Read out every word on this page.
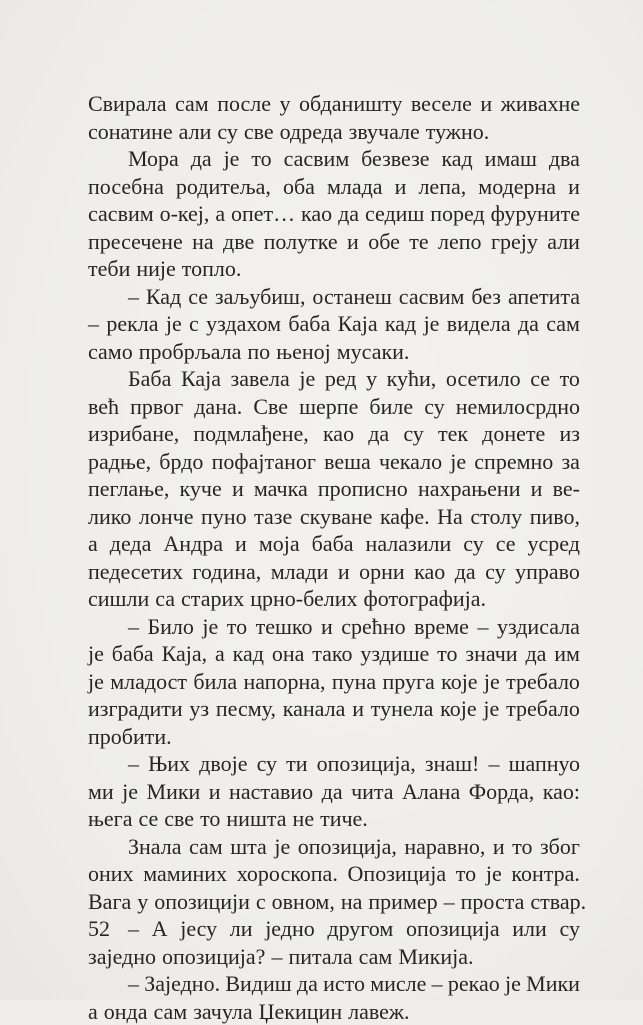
Свирала сам после у обданишту веселе и живахне
сонатине али су све одреда звучале тужно.
Мора да је то сасвим безвезе кад имаш два
посебна родитеља, оба млада и лепа, модерна и
сасвим о-кеј, а опет… као да седиш поред фуруните
пресечене на две полутке и обе те лепо греју али
теби није топло.
– Кад се заљубиш, останеш сасвим без апетита
– рекла је с уздахом баба Каја кад је видела да сам
само пробрљала по њеној мусаки.
Баба Каја завела је ред у кући, осетило се то
већ првог дана. Све шерпе биле су немилосрдно
изрибане, подмлађене, као да су тек донете из
радње, брдо пофајтаног веша чекало је спремно за
пеглање, куче и мачка прописно нахрањени и ве-
лико лонче пуно тазе скуване кафе. На столу пиво,
а деда Андра и моја баба налазили су се усред
педесетих година, млади и орни као да су управо
сишли са старих црно-белих фотографија.
– Било је то тешко и срећно време – уздисала
је баба Каја, а кад она тако уздише то значи да им
је младост била напорна, пуна пруга које је требало
изградити уз песму, канала и тунела које је требало
пробити.
– Њих двоје су ти опозиција, знаш! – шапнуо
ми је Мики и наставио да чита Алана Форда, као:
њега се све то ништа не тиче.
Знала сам шта је опозиција, наравно, и то због
оних маминих хороскопа. Опозиција то је контра.
Вага у опозицији с овном, на пример – проста ствар.
– А јесу ли једно другом опозиција или су
заједно опозиција? – питала сам Микија.
– Заједно. Видиш да исто мисле – рекао је Мики
а онда сам зачула Џекицин лавеж.
52
